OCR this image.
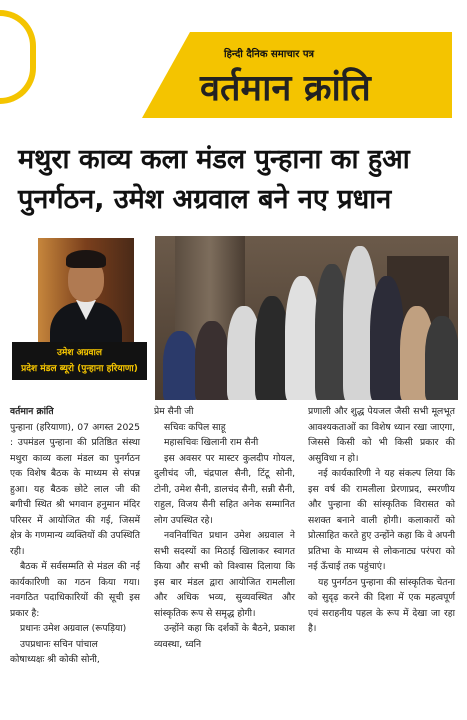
हिन्दी दैनिक समाचार पत्र
वर्तमान क्रांति
मथुरा काव्य कला मंडल पुन्हाना का हुआ
पुनर्गठन, उमेश अग्रवाल बने नए प्रधान
उमेश अग्रवाल
प्रदेश मंडल ब्यूरो (पुन्हाना हरियाणा)

वर्तमान क्रांति

पुन्हाना (हरियाणा), 07 अगस्त 2025 : उपमंडल पुन्हाना की प्रतिष्ठित संस्था मथुरा काव्य कला मंडल का पुनर्गठन एक विशेष बैठक के माध्यम से संपन्न हुआ। यह बैठक छोटे लाल जी की बगीची स्थित श्री भगवान हनुमान मंदिर परिसर में आयोजित की गई, जिसमें क्षेत्र के गणमान्य व्यक्तियों की उपस्थिति रही।

बैठक में सर्वसम्मति से मंडल की नई कार्यकारिणी का गठन किया गया। नवगठित पदाधिकारियों की सूची इस प्रकार है:

प्रधानः उमेश अग्रवाल (रूपड़िया)

उपप्रधानः सचिन पांचाल

कोषाध्यक्षः श्री कोकी सोनी,

प्रेम सैनी जी

सचिवः कपिल साहू

महासचिवः खिलानी राम सैनी

इस अवसर पर मास्टर कुलदीप गोयल, दुलीचंद जी, चंद्रपाल सैनी, टिंटू सोनी, टोनी, उमेश सैनी, डालचंद सैनी, सन्नी सैनी, राहुल, विजय सैनी सहित अनेक सम्मानित लोग उपस्थित रहे।

नवनिर्वाचित प्रधान उमेश अग्रवाल ने सभी सदस्यों का मिठाई खिलाकर स्वागत किया और सभी को विश्वास दिलाया कि इस बार मंडल द्वारा आयोजित रामलीला और अधिक भव्य, सुव्यवस्थित और सांस्कृतिक रूप से समृद्ध होगी।

उन्होंने कहा कि दर्शकों के बैठने, प्रकाश व्यवस्था, ध्वनि

प्रणाली और शुद्ध पेयजल जैसी सभी मूलभूत आवश्यकताओं का विशेष ध्यान रखा जाएगा, जिससे किसी को भी किसी प्रकार की असुविधा न हो।

नई कार्यकारिणी ने यह संकल्प लिया कि इस वर्ष की रामलीला प्रेरणाप्रद, स्मरणीय और पुन्हाना की सांस्कृतिक विरासत को सशक्त बनाने वाली होगी। कलाकारों को प्रोत्साहित करते हुए उन्होंने कहा कि वे अपनी प्रतिभा के माध्यम से लोकनाट्य परंपरा को नई ऊँचाई तक पहुंचाएं।

यह पुनर्गठन पुन्हाना की सांस्कृतिक चेतना को सुदृढ़ करने की दिशा में एक महत्वपूर्ण एवं सराहनीय पहल के रूप में देखा जा रहा है।
